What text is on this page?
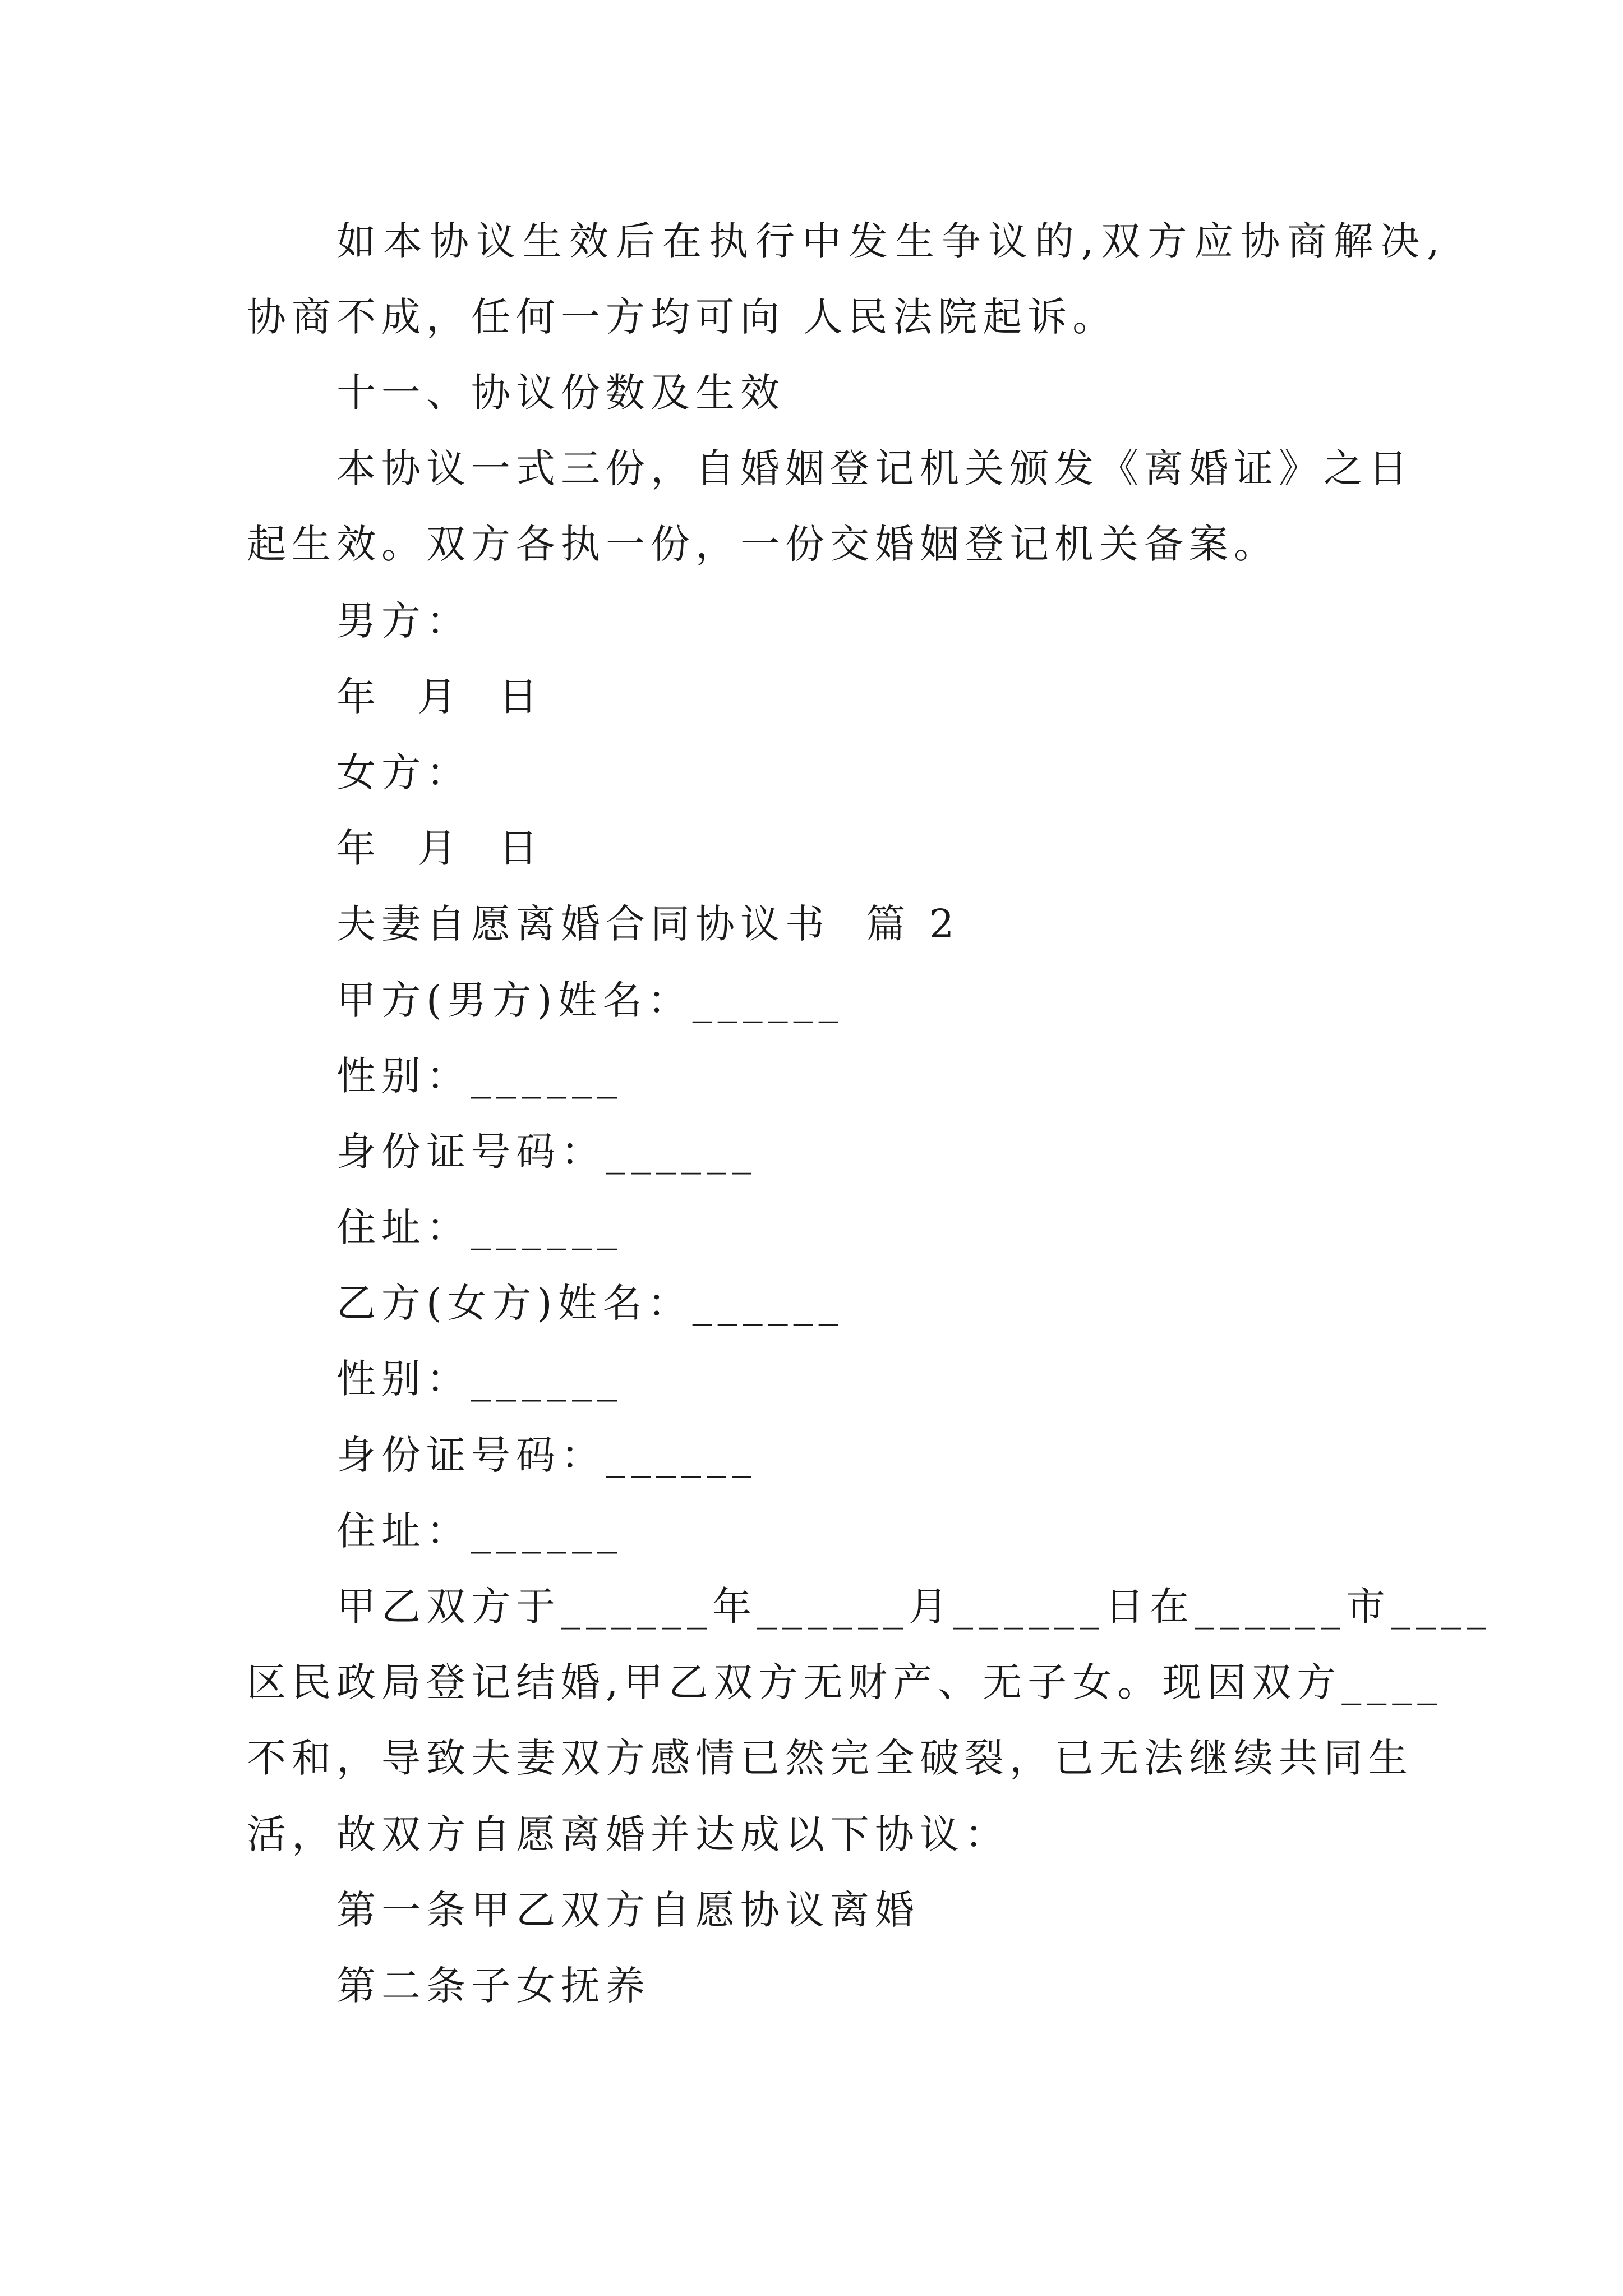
如本协议生效后在执行中发生争议的,双方应协商解决,

协商不成，任何一方均可向 人民法院起诉。

十一、协议份数及生效

本协议一式三份，自婚姻登记机关颁发《离婚证》之日

起生效。双方各执一份，一份交婚姻登记机关备案。

男方：

年  月  日

女方：

年  月  日

夫妻自愿离婚合同协议书  篇 2

甲方(男方)姓名：______

性别：______

身份证号码：______

住址：______

乙方(女方)姓名：______

性别：______

身份证号码：______

住址：______

甲乙双方于______年______月______日在______市____

区民政局登记结婚,甲乙双方无财产、无子女。现因双方____

不和，导致夫妻双方感情已然完全破裂，已无法继续共同生

活，故双方自愿离婚并达成以下协议：

第一条甲乙双方自愿协议离婚

第二条子女抚养
